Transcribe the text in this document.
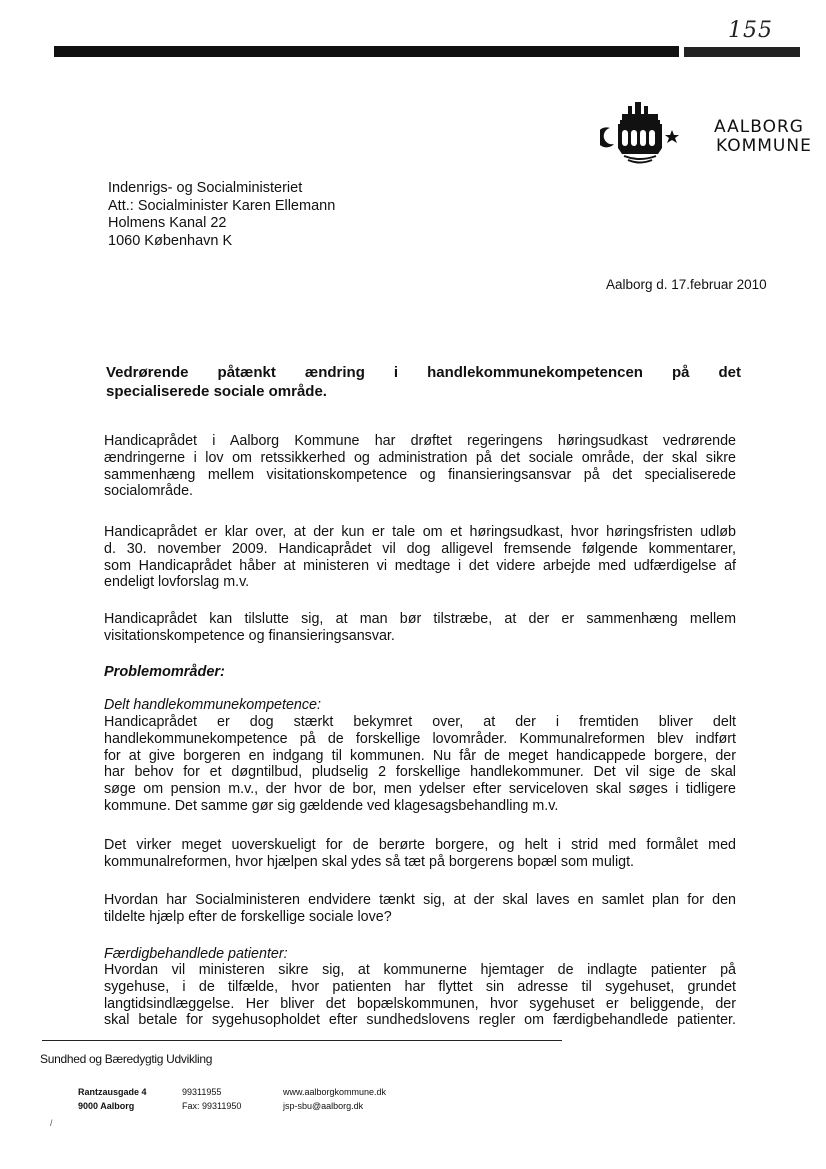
155
AALBORG
KOMMUNE
Indenrigs- og Socialministeriet
Att.: Socialminister Karen Ellemann
Holmens Kanal 22
1060 København K
Aalborg d. 17.februar 2010
Vedrørende påtænkt ændring i handlekommunekompetencen på det
specialiserede sociale område.
Handicaprådet i Aalborg Kommune har drøftet regeringens høringsudkast vedrørende
ændringerne i lov om retssikkerhed og administration på det sociale område, der skal sikre
sammenhæng mellem visitationskompetence og finansieringsansvar på det specialiserede
socialområde.
Handicaprådet er klar over, at der kun er tale om et høringsudkast, hvor høringsfristen udløb
d. 30. november 2009. Handicaprådet vil dog alligevel fremsende følgende kommentarer,
som Handicaprådet håber at ministeren vi medtage i det videre arbejde med udfærdigelse af
endeligt lovforslag m.v.
Handicaprådet kan tilslutte sig, at man bør tilstræbe, at der er sammenhæng mellem
visitationskompetence og finansieringsansvar.
Problemområder:
Delt handlekommunekompetence:
Handicaprådet er dog stærkt bekymret over, at der i fremtiden bliver delt
handlekommunekompetence på de forskellige lovområder. Kommunalreformen blev indført
for at give borgeren en indgang til kommunen. Nu får de meget handicappede borgere, der
har behov for et døgntilbud, pludselig 2 forskellige handlekommuner. Det vil sige de skal
søge om pension m.v., der hvor de bor, men ydelser efter serviceloven skal søges i tidligere
kommune. Det samme gør sig gældende ved klagesagsbehandling m.v.
Det virker meget uoverskueligt for de berørte borgere, og helt i strid med formålet med
kommunalreformen, hvor hjælpen skal ydes så tæt på borgerens bopæl som muligt.
Hvordan har Socialministeren endvidere tænkt sig, at der skal laves en samlet plan for den
tildelte hjælp efter de forskellige sociale love?
Færdigbehandlede patienter:
Hvordan vil ministeren sikre sig, at kommunerne hjemtager de indlagte patienter på
sygehuse, i de tilfælde, hvor patienten har flyttet sin adresse til sygehuset, grundet
langtidsindlæggelse. Her bliver det bopælskommunen, hvor sygehuset er beliggende, der
skal betale for sygehusopholdet efter sundhedslovens regler om færdigbehandlede patienter.
Sundhed og Bæredygtig Udvikling
Rantzausgade 4
9000 Aalborg
99311955
Fax: 99311950
www.aalborgkommune.dk
jsp-sbu@aalborg.dk
/
